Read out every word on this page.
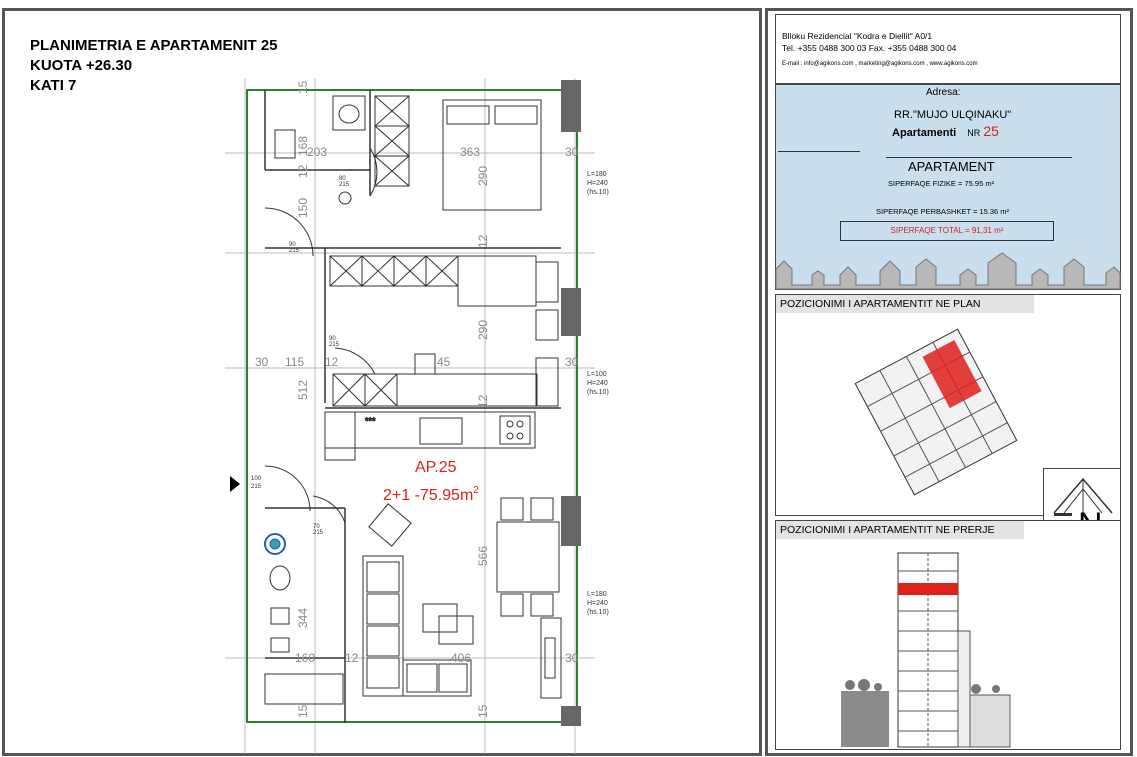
PLANIMETRIA E APARTAMENIT 25
KUOTA +26.30
KATI 7
***
203	363
290
150
115 12	45
290
512
566
344
160 12	406
168	30
30
12
30
12
12
15
15
30
15
L=180
H=240
(hs.10)
L=100
H=240
(hs.10)
L=180
H=240
(hs.10)
80
215
90
215
90
215
100
215
70
215
AP.25
2+1 $-75.95m^2$
Blloku Rezidencial "Kodra e Diellit" A0/1
Tel. +355 0488 300 03 Fax. +355 0488 300 04
E-mail : info@agikons.com , marketing@agikons.com , www.agikons.com
Adresa:
RR."MUJO ULQINAKU"
Apartamenti NR 25
APARTAMENT
SIPERFAQE FIZIKE = 75.95 m²
SIPERFAQE PERBASHKET = 15.36 m²
SIPERFAQE TOTAL = 91,31 m²
POZICIONIMI I APARTAMENTIT NE PLAN
POZICIONIMI I APARTAMENTIT NE PRERJE
